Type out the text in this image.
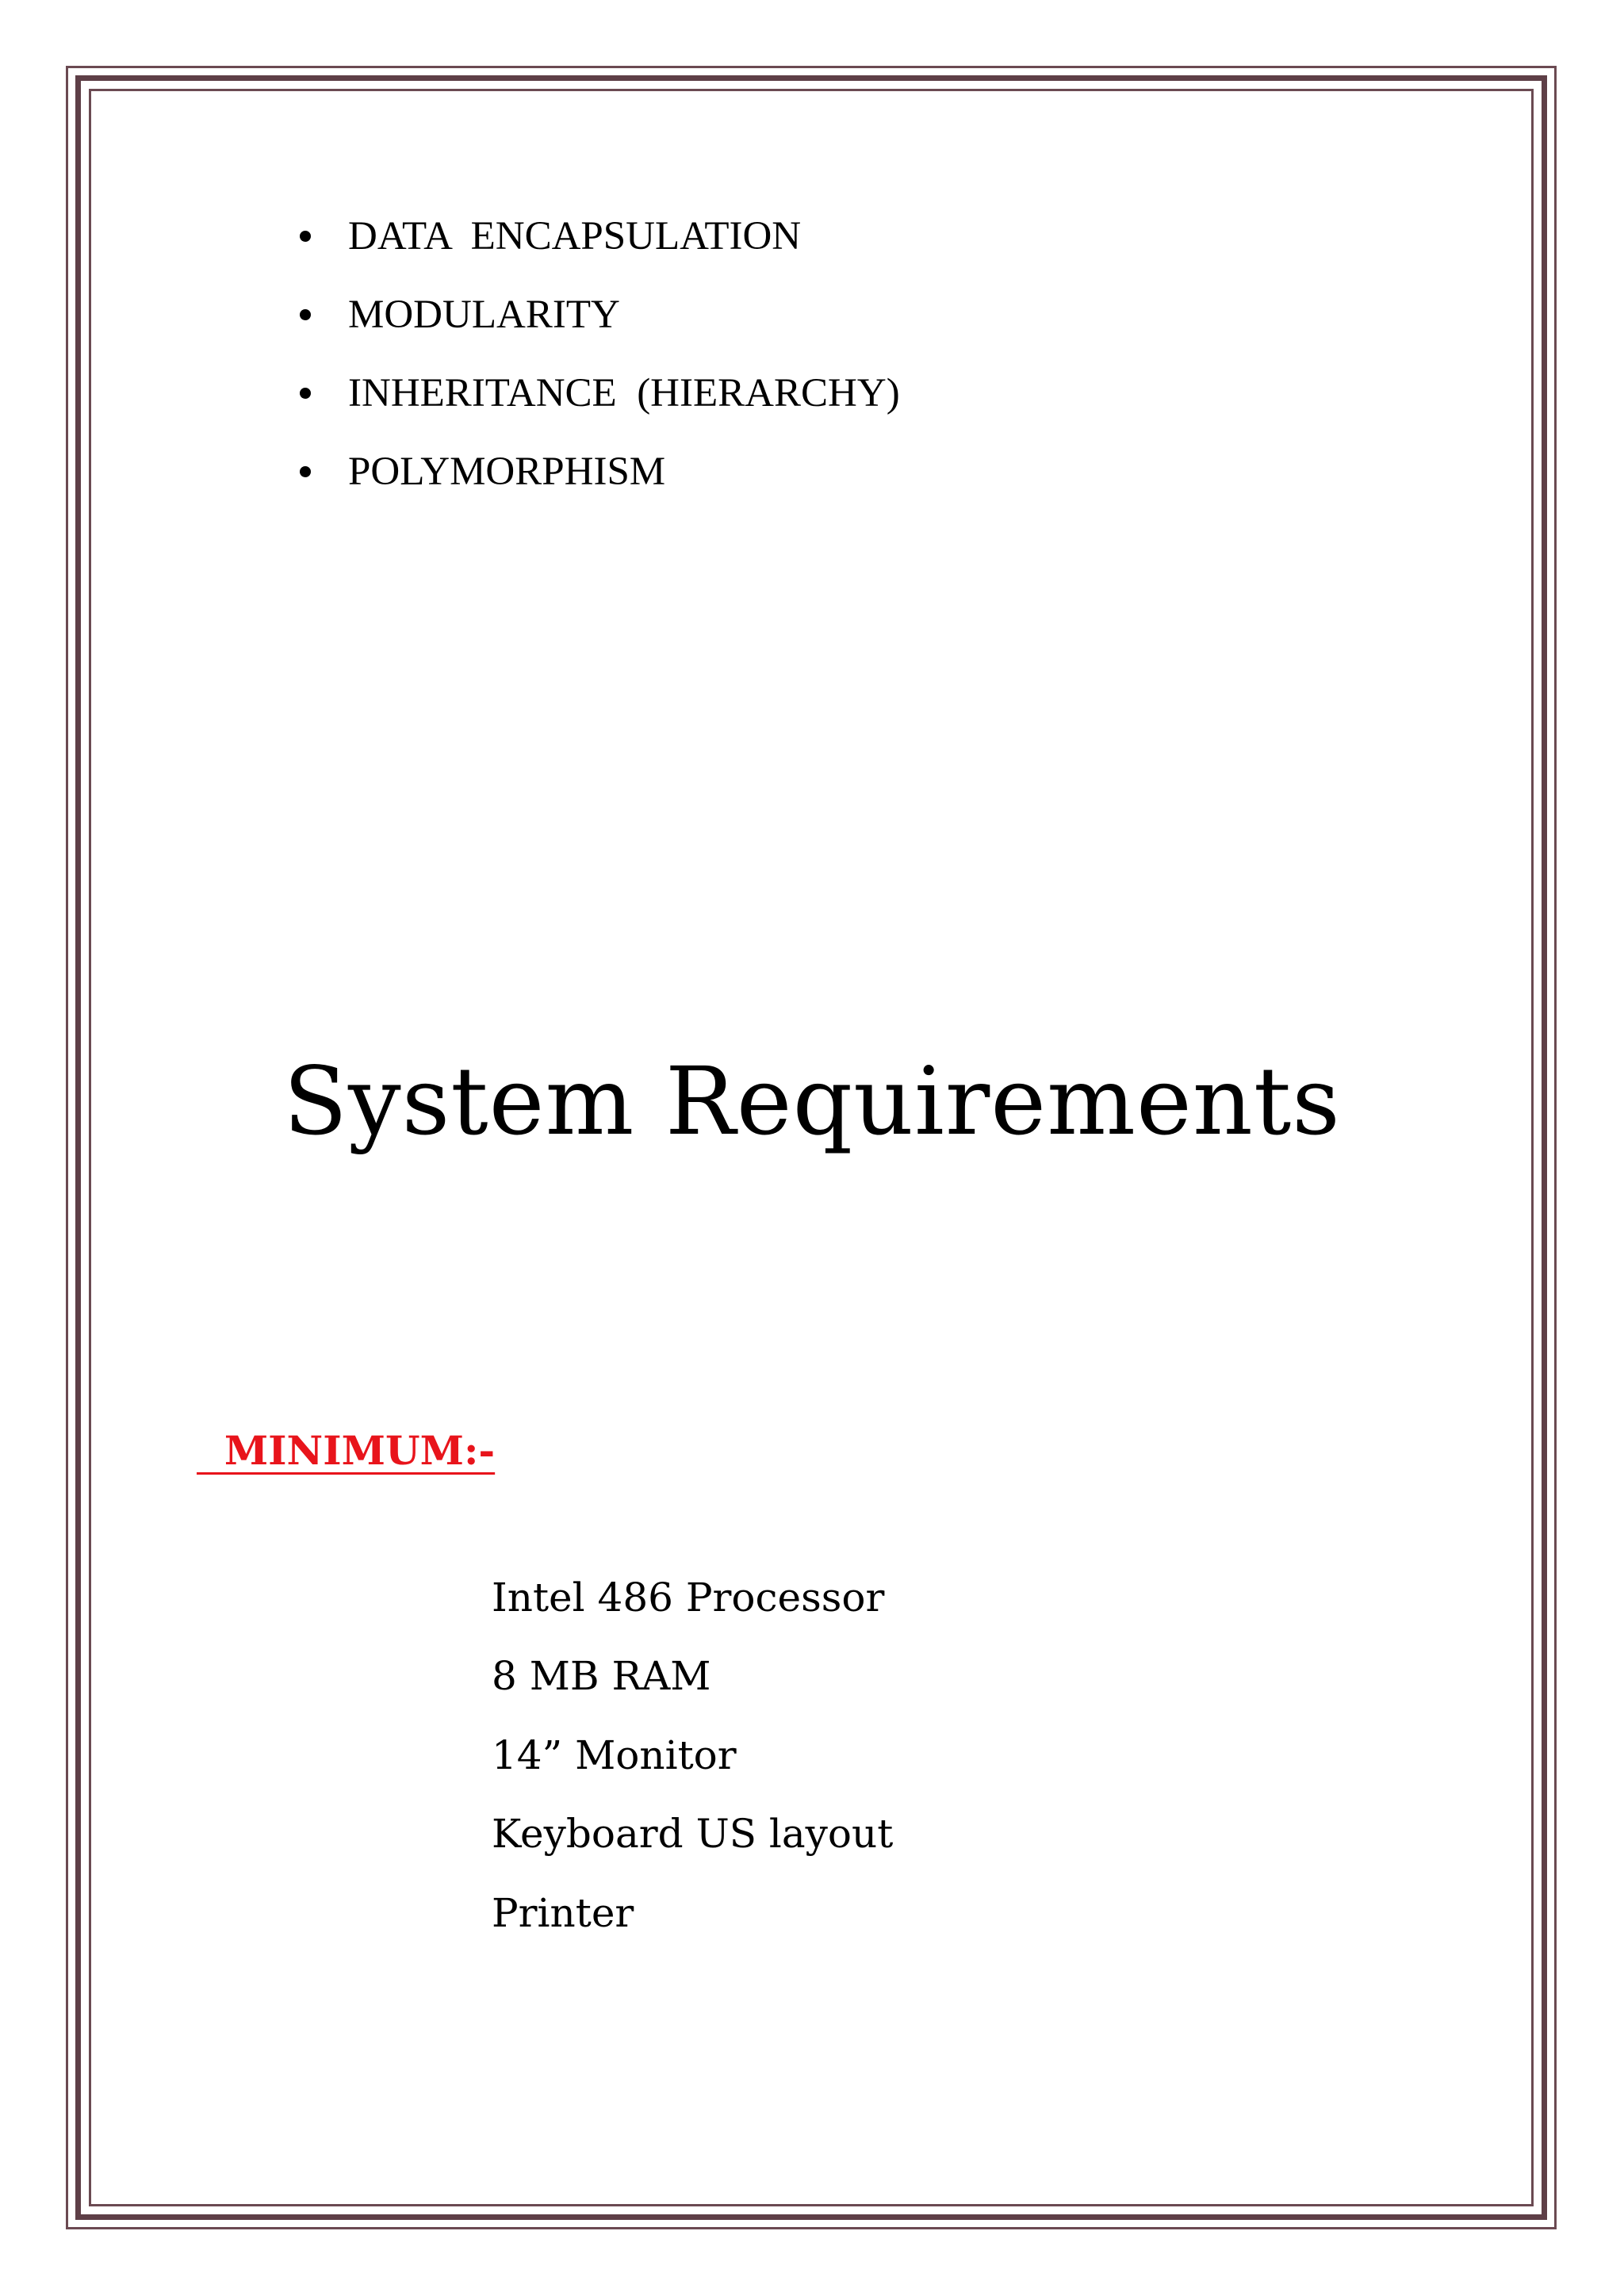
DATA  ENCAPSULATION
MODULARITY
INHERITANCE  (HIERARCHY)
POLYMORPHISM
System Requirements
MINIMUM:-
Intel 486 Processor
8 MB RAM
14” Monitor
Keyboard US layout
Printer
